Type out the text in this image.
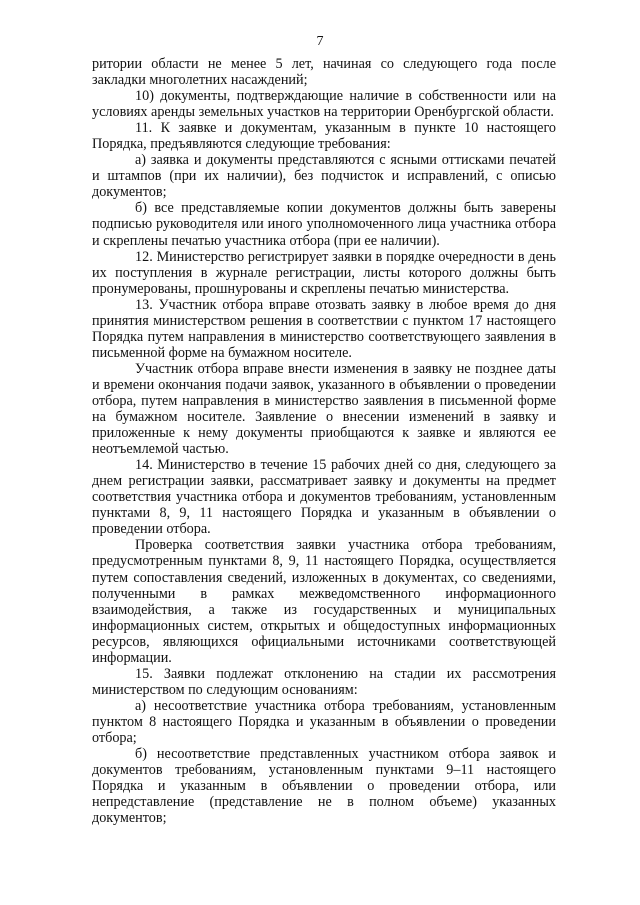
7

ритории области не менее 5 лет, начиная со следующего года после закладки многолетних насаждений;

10) документы, подтверждающие наличие в собственности или на условиях аренды земельных участков на территории Оренбургской области.

11. К заявке и документам, указанным в пункте 10 настоящего Порядка, предъявляются следующие требования:

а) заявка и документы представляются с ясными оттисками печатей и штампов (при их наличии), без подчисток и исправлений, с описью документов;

б) все представляемые копии документов должны быть заверены подписью руководителя или иного уполномоченного лица участника отбора и скреплены печатью участника отбора (при ее наличии).

12. Министерство регистрирует заявки в порядке очередности в день их поступления в журнале регистрации, листы которого должны быть пронумерованы, прошнурованы и скреплены печатью министерства.

13. Участник отбора вправе отозвать заявку в любое время до дня принятия министерством решения в соответствии с пунктом 17 настоящего Порядка путем направления в министерство соответствующего заявления в письменной форме на бумажном носителе.

Участник отбора вправе внести изменения в заявку не позднее даты и времени окончания подачи заявок, указанного в объявлении о проведении отбора, путем направления в министерство заявления в письменной форме на бумажном носителе. Заявление о внесении изменений в заявку и приложенные к нему документы приобщаются к заявке и являются ее неотъемлемой частью.

14. Министерство в течение 15 рабочих дней со дня, следующего за днем регистрации заявки, рассматривает заявку и документы на предмет соответствия участника отбора и документов требованиям, установленным пунктами 8, 9, 11 настоящего Порядка и указанным в объявлении о проведении отбора.

Проверка соответствия заявки участника отбора требованиям, предусмотренным пунктами 8, 9, 11 настоящего Порядка, осуществляется путем сопоставления сведений, изложенных в документах, со сведениями, полученными в рамках межведомственного информационного взаимодействия, а также из государственных и муниципальных информационных систем, открытых и общедоступных информационных ресурсов, являющихся официальными источниками соответствующей информации.

15. Заявки подлежат отклонению на стадии их рассмотрения министерством по следующим основаниям:

а) несоответствие участника отбора требованиям, установленным пунктом 8 настоящего Порядка и указанным в объявлении о проведении отбора;

б) несоответствие представленных участником отбора заявок и документов требованиям, установленным пунктами 9–11 настоящего Порядка и указанным в объявлении о проведении отбора, или непредставление (представление не в полном объеме) указанных документов;
